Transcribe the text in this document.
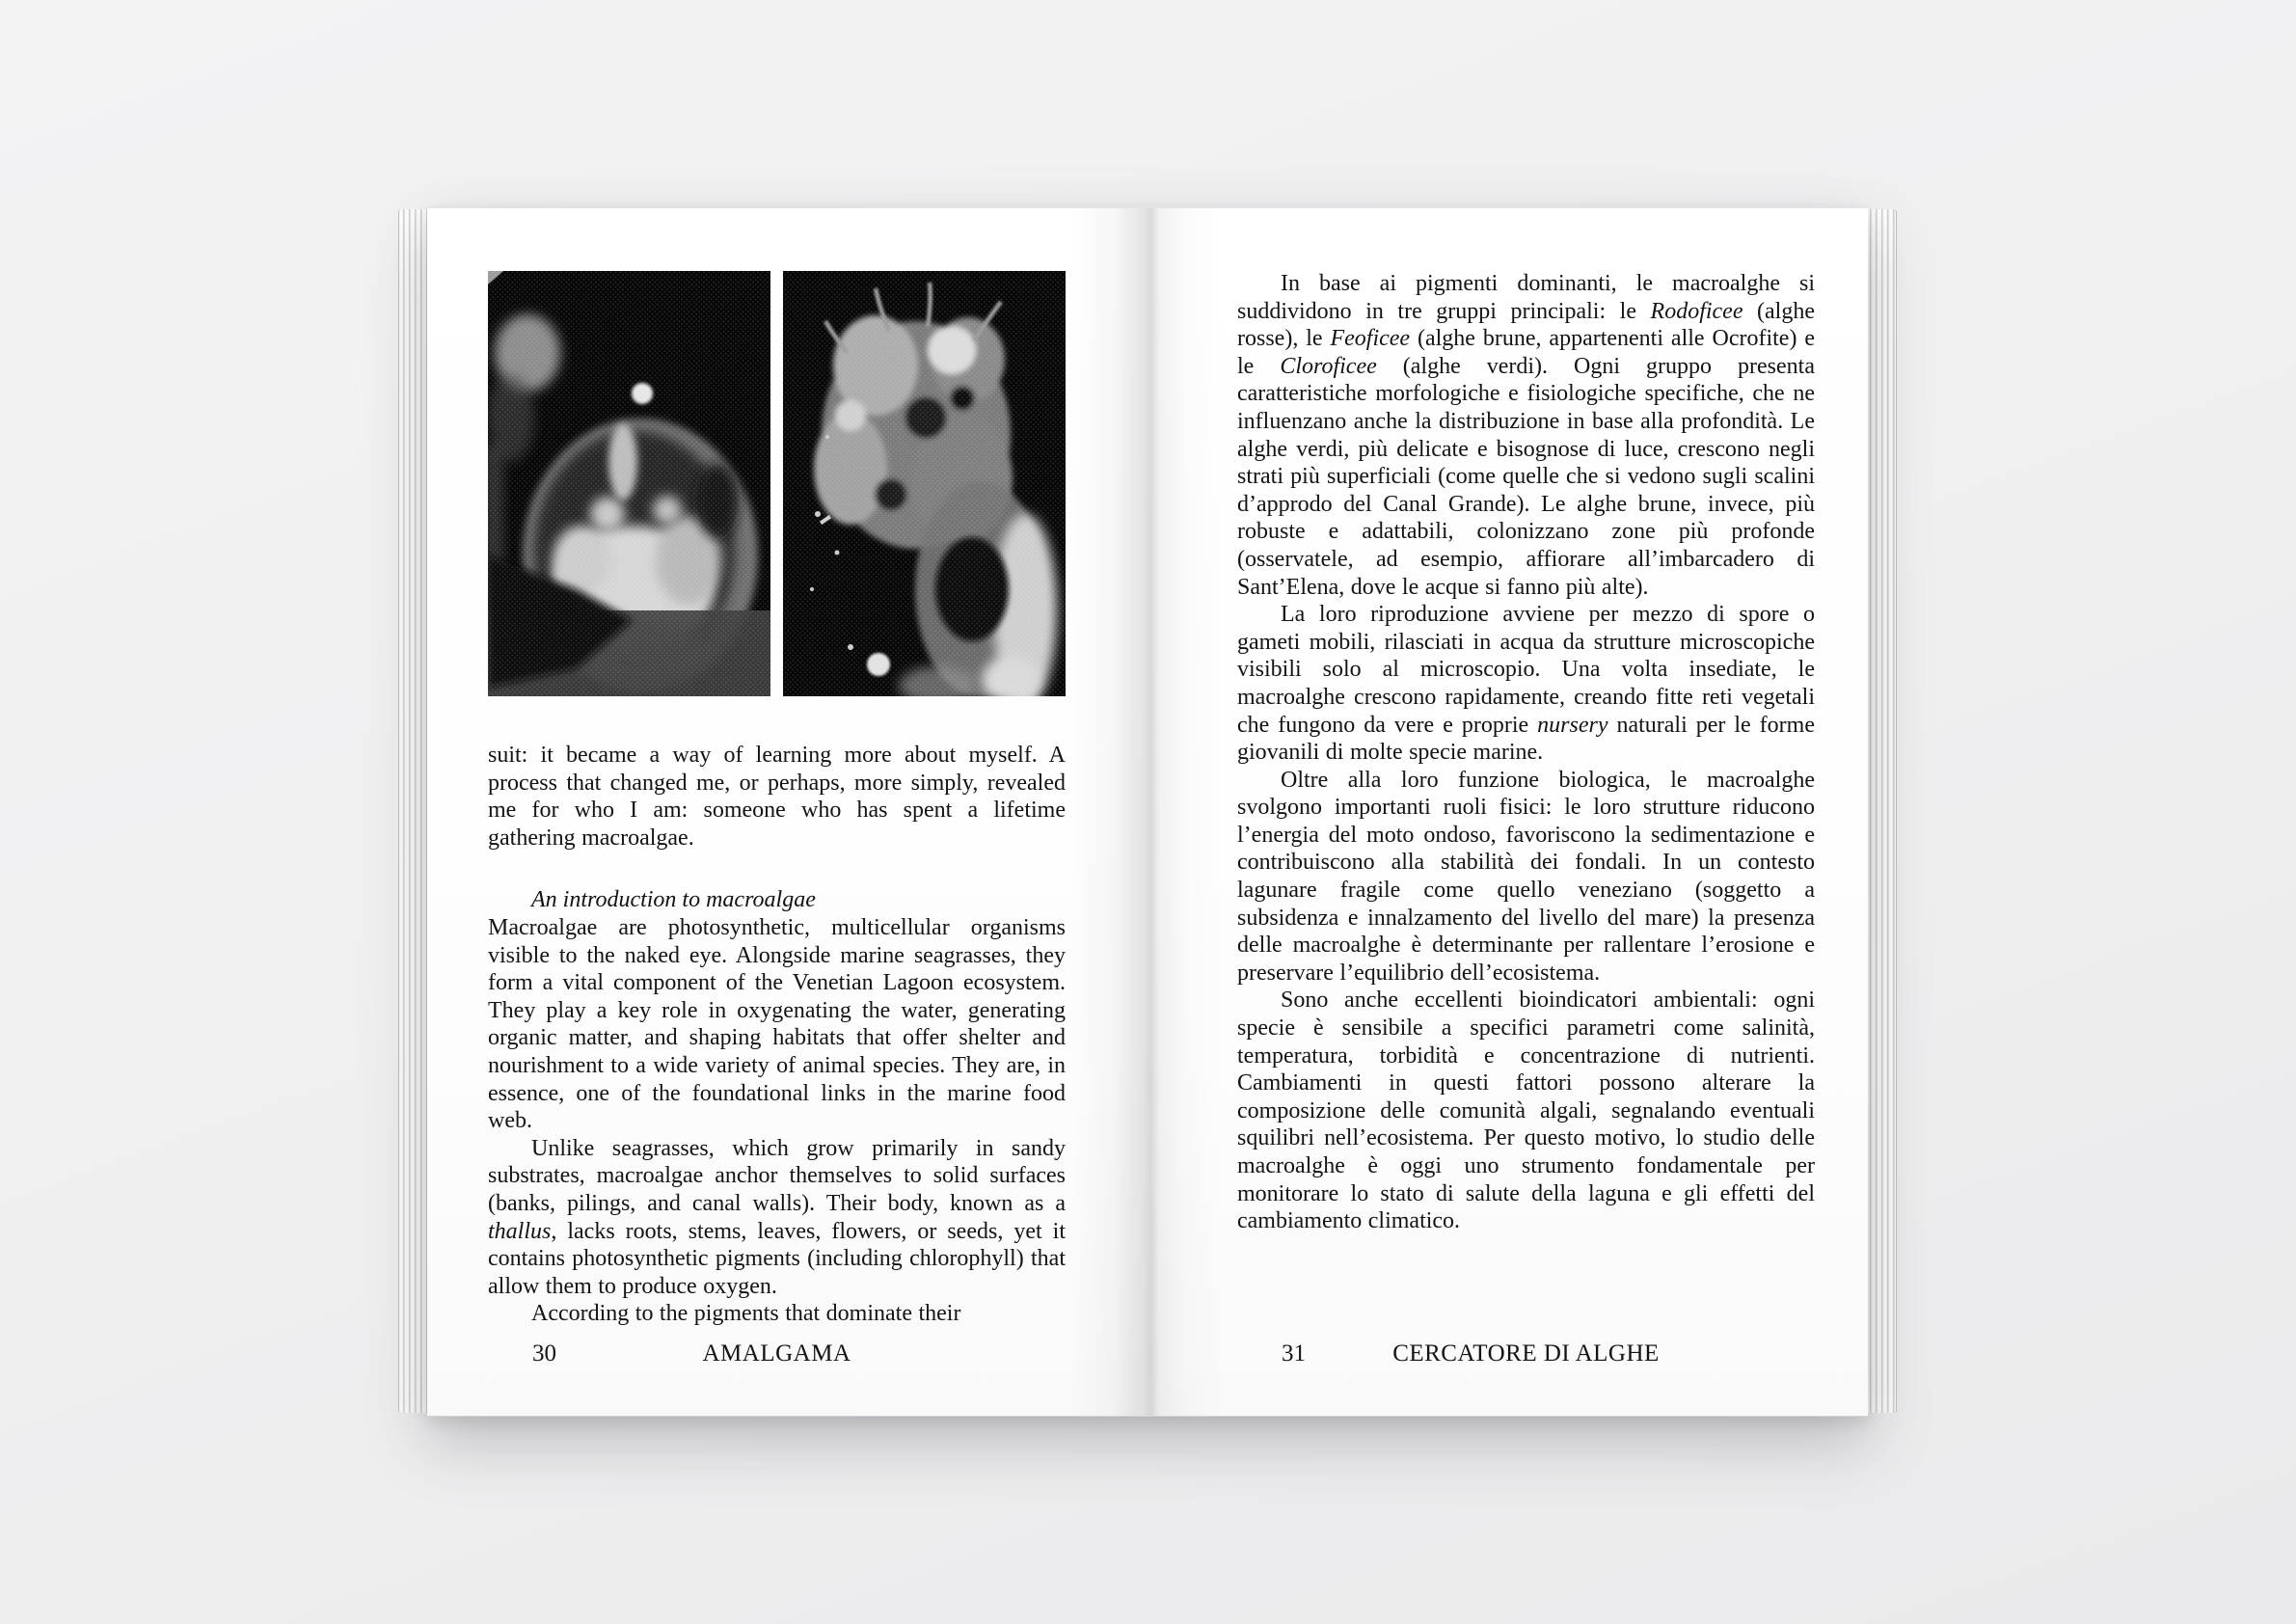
suit: it became a way of learning more about myself. A process that changed me, or perhaps, more simply, revealed me for who I am: someone who has spent a lifetime gathering macroalgae.

An introduction to macroalgae

Macroalgae are photosynthetic, multicellular organisms visible to the naked eye. Alongside marine seagrasses, they form a vital component of the Venetian Lagoon ecosystem. They play a key role in oxygenating the water, generating organic matter, and shaping habitats that offer shelter and nourishment to a wide variety of animal species. They are, in essence, one of the foundational links in the marine food web.

Unlike seagrasses, which grow primarily in sandy substrates, macroalgae anchor themselves to solid surfaces (banks, pilings, and canal walls). Their body, known as a thallus, lacks roots, stems, leaves, flowers, or seeds, yet it contains photosynthetic pigments (including chlorophyll) that allow them to produce oxygen.

According to the pigments that dominate their

30	AMALGAMA

In base ai pigmenti dominanti, le macroalghe si suddividono in tre gruppi principali: le Rodoficee (alghe rosse), le Feoficee (alghe brune, appartenenti alle Ocrofite) e le Cloroficee (alghe verdi). Ogni gruppo presenta caratteristiche morfologiche e fisiologiche specifiche, che ne influenzano anche la distribuzione in base alla profondità. Le alghe verdi, più delicate e bisognose di luce, crescono negli strati più superficiali (come quelle che si vedono sugli scalini d’approdo del Canal Grande). Le alghe brune, invece, più robuste e adattabili, colonizzano zone più profonde (osservatele, ad esempio, affiorare all’imbarcadero di Sant’Elena, dove le acque si fanno più alte).

La loro riproduzione avviene per mezzo di spore o gameti mobili, rilasciati in acqua da strutture microscopiche visibili solo al microscopio. Una volta insediate, le macroalghe crescono rapidamente, creando fitte reti vegetali che fungono da vere e proprie nursery naturali per le forme giovanili di molte specie marine.

Oltre alla loro funzione biologica, le macroalghe svolgono importanti ruoli fisici: le loro strutture riducono l’energia del moto ondoso, favoriscono la sedimentazione e contribuiscono alla stabilità dei fondali. In un contesto lagunare fragile come quello veneziano (soggetto a subsidenza e innalzamento del livello del mare) la presenza delle macroalghe è determinante per rallentare l’erosione e preservare l’equilibrio dell’ecosistema.

Sono anche eccellenti bioindicatori ambientali: ogni specie è sensibile a specifici parametri come salinità, temperatura, torbidità e concentrazione di nutrienti. Cambiamenti in questi fattori possono alterare la composizione delle comunità algali, segnalando eventuali squilibri nell’ecosistema. Per questo motivo, lo studio delle macroalghe è oggi uno strumento fondamentale per monitorare lo stato di salute della laguna e gli effetti del cambiamento climatico.

31	CERCATORE DI ALGHE
